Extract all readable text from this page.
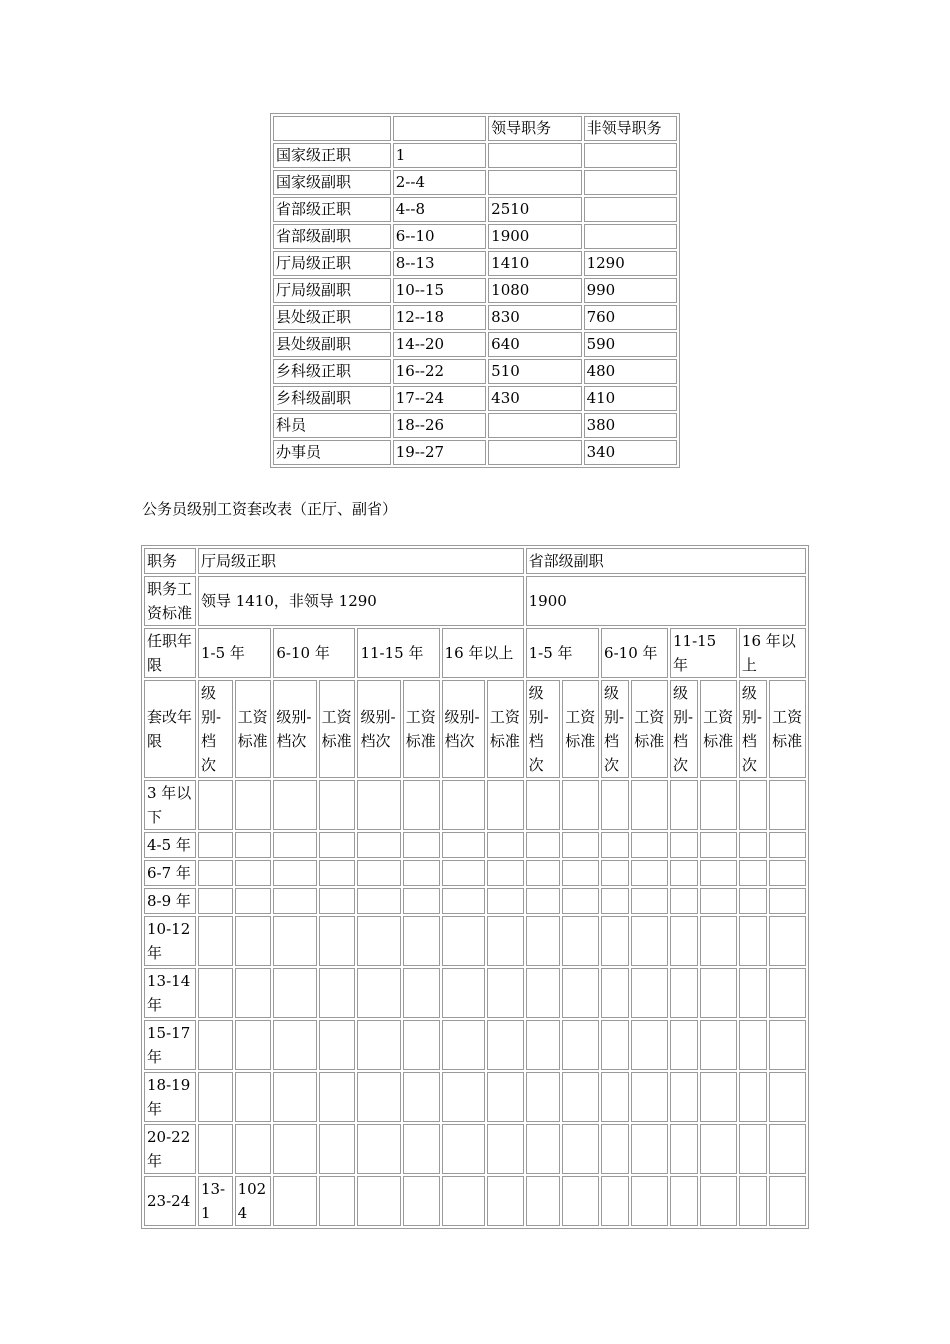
		领导职务	非领导职务
国家级正职	1		
国家级副职	2--4		
省部级正职	4--8	2510	
省部级副职	6--10	1900	
厅局级正职	8--13	1410	1290
厅局级副职	10--15	1080	990
县处级正职	12--18	830	760
县处级副职	14--20	640	590
乡科级正职	16--22	510	480
乡科级副职	17--24	430	410
科员	18--26		380
办事员	19--27		340
公务员级别工资套改表（正厅、副省）
职务	厅局级正职								省部级副职							
职务工资标准	领导 1410，非领导 1290								1900							
任职年限	1-5 年		6-10 年		11-15 年		16 年以上		1-5 年		6-10 年		11-15 年		16 年以上	
套改年限	级别-档次	工资标准	级别-档次	工资标准	级别-档次	工资标准	级别-档次	工资标准	级别-档次	工资标准	级别-档次	工资标准	级别-档次	工资标准	级别-档次	工资标准
3 年以下																
4-5 年																
6-7 年																
8-9 年																
10-12年																
13-14年																
15-17年																
18-19年																
20-22年																
23-24	13-1	1024														
